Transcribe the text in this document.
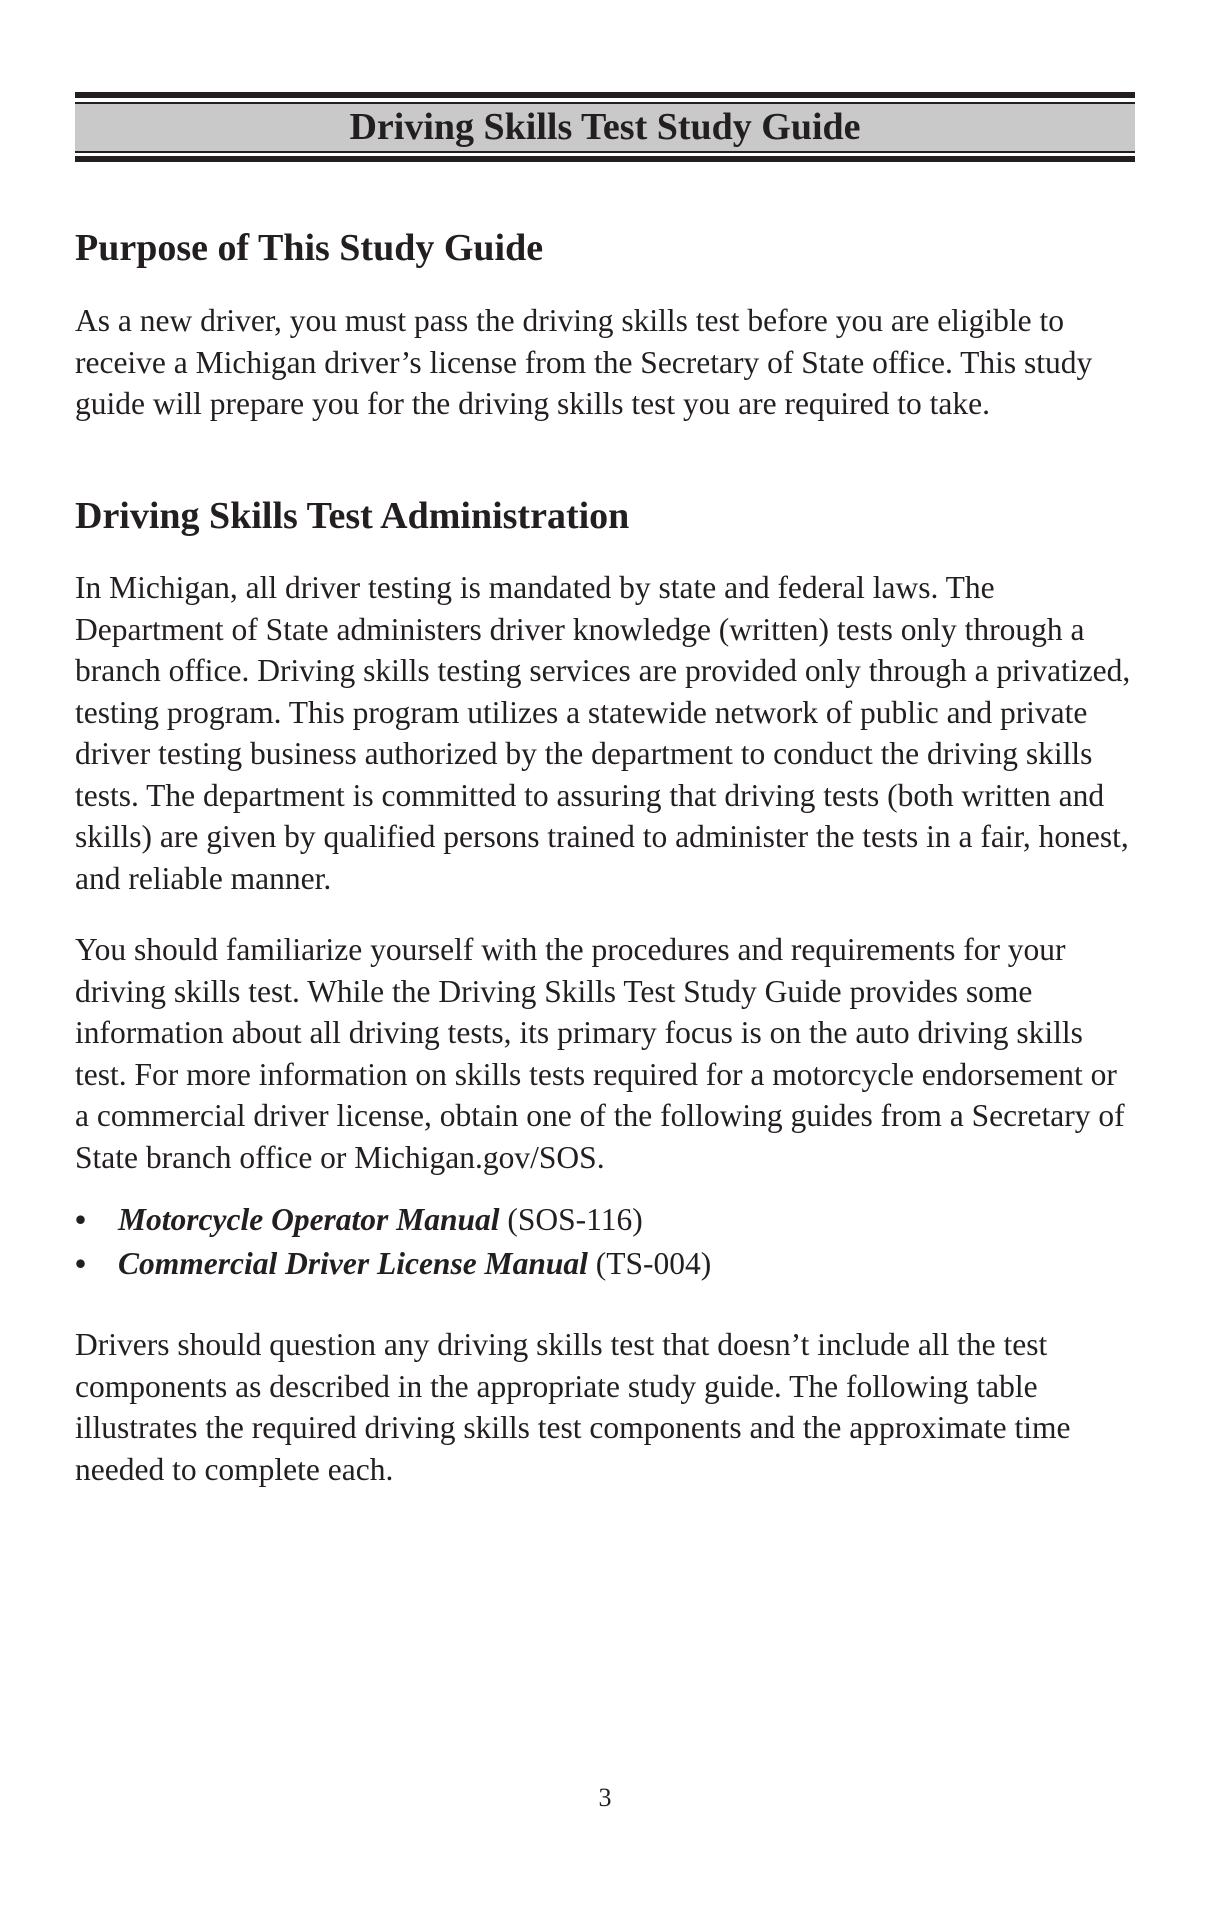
Driving Skills Test Study Guide
Purpose of This Study Guide

As a new driver, you must pass the driving skills test before you are eligible to receive a Michigan driver’s license from the Secretary of State office. This study guide will prepare you for the driving skills test you are required to take.

Driving Skills Test Administration

In Michigan, all driver testing is mandated by state and federal laws. The Department of State administers driver knowledge (written) tests only through a branch office. Driving skills testing services are provided only through a privatized, testing program. This program utilizes a statewide network of public and private driver testing business authorized by the department to conduct the driving skills tests. The department is committed to assuring that driving tests (both written and skills) are given by qualified persons trained to administer the tests in a fair, honest, and reliable manner.

You should familiarize yourself with the procedures and requirements for your driving skills test. While the Driving Skills Test Study Guide provides some information about all driving tests, its primary focus is on the auto driving skills test. For more information on skills tests required for a motorcycle endorsement or a commercial driver license, obtain one of the following guides from a Secretary of State branch office or Michigan.gov/SOS.

• Motorcycle Operator Manual (SOS-116)
• Commercial Driver License Manual (TS-004)

Drivers should question any driving skills test that doesn’t include all the test components as described in the appropriate study guide. The following table illustrates the required driving skills test components and the approximate time needed to complete each.

3
